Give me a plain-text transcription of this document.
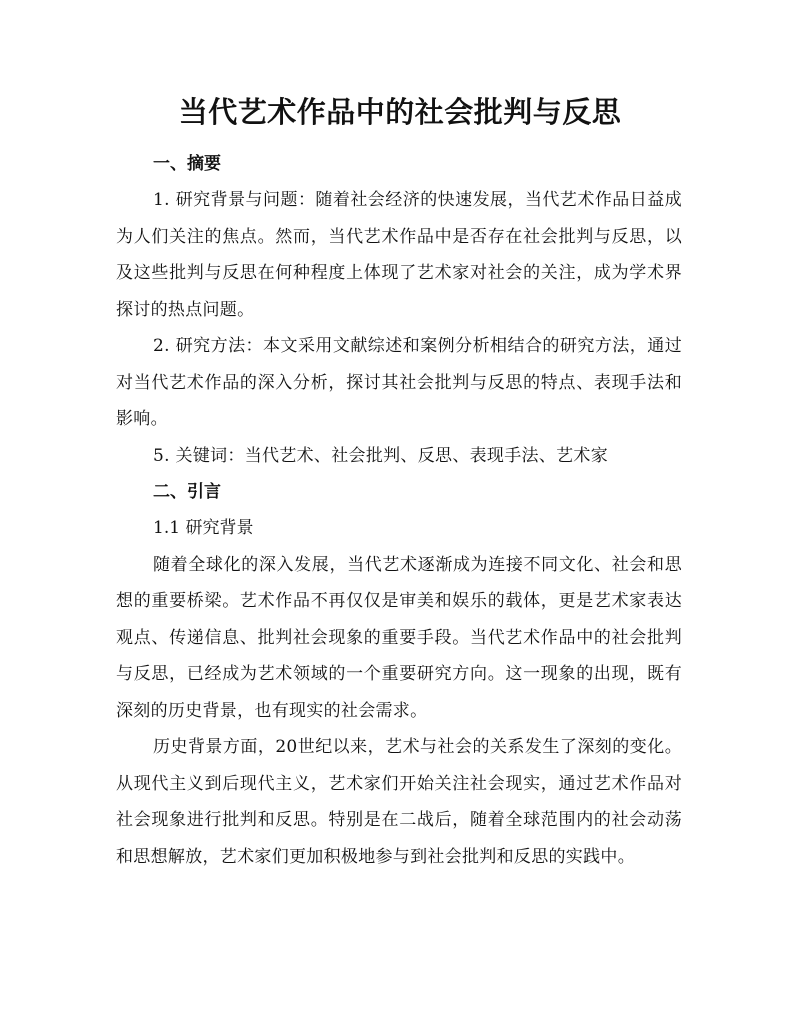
当代艺术作品中的社会批判与反思
一、摘要

1. 研究背景与问题：随着社会经济的快速发展，当代艺术作品日益成为人们关注的焦点。然而，当代艺术作品中是否存在社会批判与反思，以及这些批判与反思在何种程度上体现了艺术家对社会的关注，成为学术界探讨的热点问题。

2. 研究方法：本文采用文献综述和案例分析相结合的研究方法，通过对当代艺术作品的深入分析，探讨其社会批判与反思的特点、表现手法和影响。

5. 关键词：当代艺术、社会批判、反思、表现手法、艺术家

二、引言

1.1 研究背景

随着全球化的深入发展，当代艺术逐渐成为连接不同文化、社会和思想的重要桥梁。艺术作品不再仅仅是审美和娱乐的载体，更是艺术家表达观点、传递信息、批判社会现象的重要手段。当代艺术作品中的社会批判与反思，已经成为艺术领域的一个重要研究方向。这一现象的出现，既有深刻的历史背景，也有现实的社会需求。

历史背景方面，20世纪以来，艺术与社会的关系发生了深刻的变化。从现代主义到后现代主义，艺术家们开始关注社会现实，通过艺术作品对社会现象进行批判和反思。特别是在二战后，随着全球范围内的社会动荡和思想解放，艺术家们更加积极地参与到社会批判和反思的实践中。
